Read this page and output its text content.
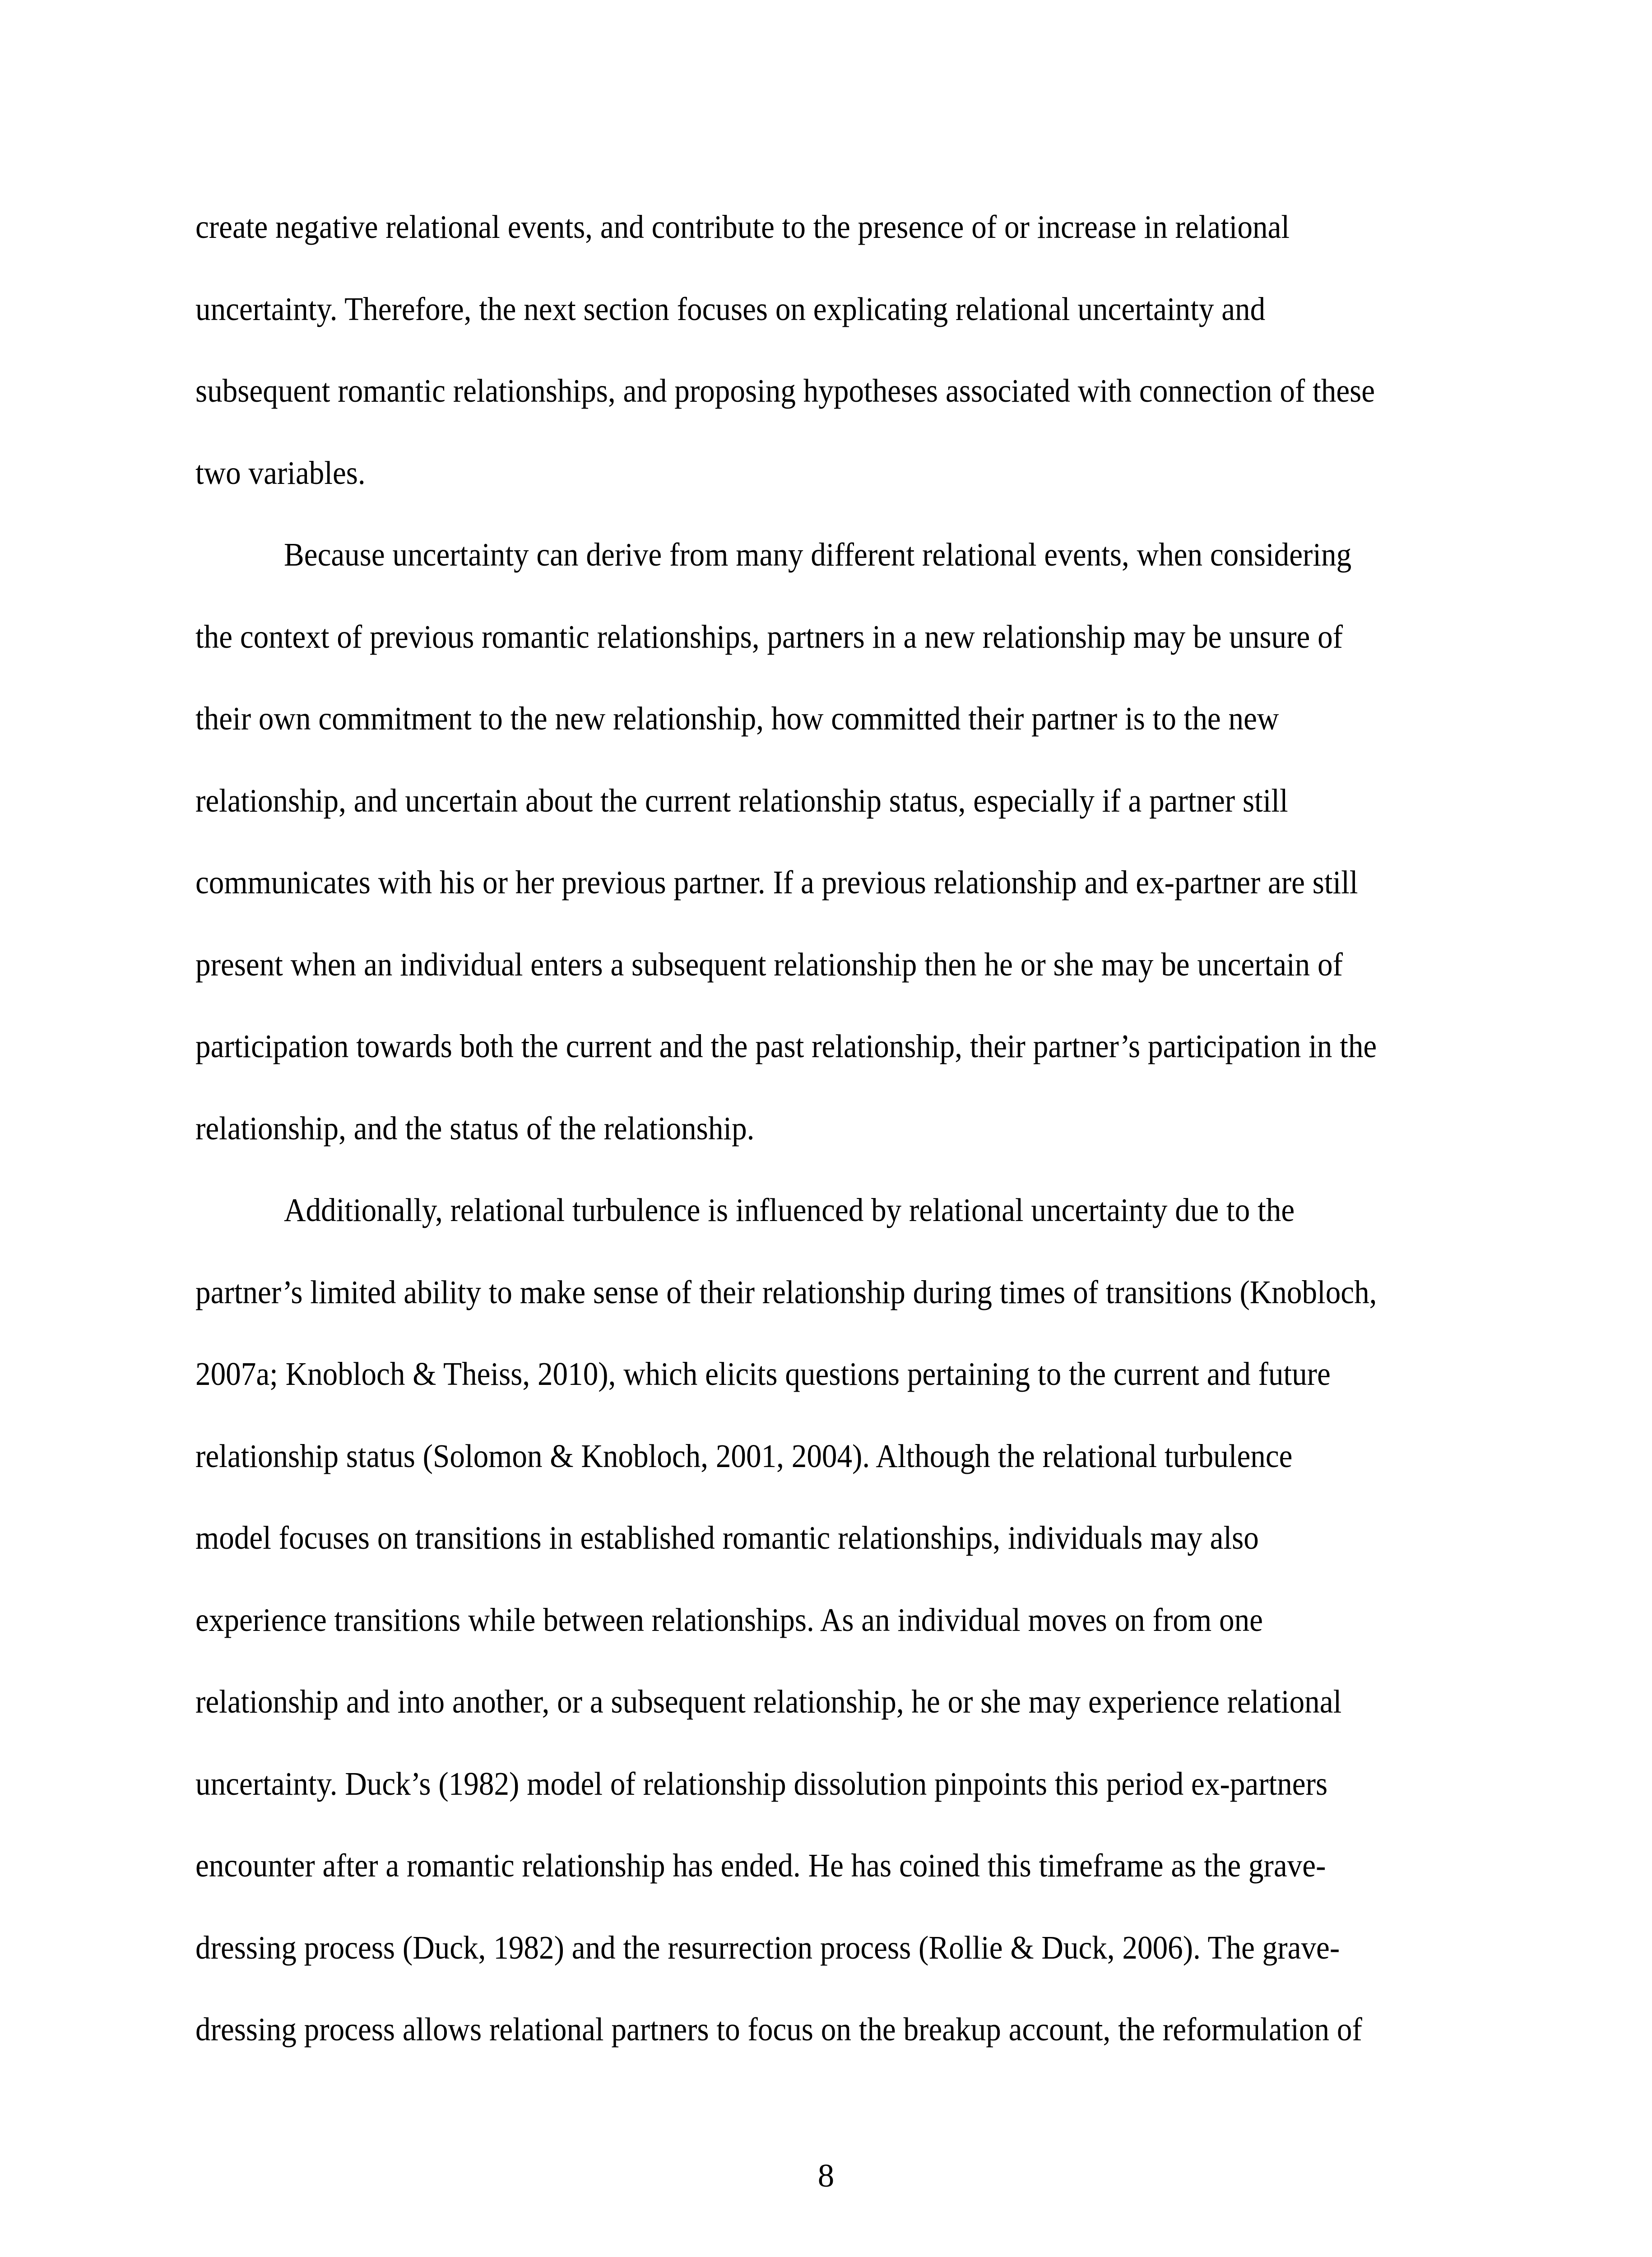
create negative relational events, and contribute to the presence of or increase in relational
uncertainty. Therefore, the next section focuses on explicating relational uncertainty and
subsequent romantic relationships, and proposing hypotheses associated with connection of these
two variables.
Because uncertainty can derive from many different relational events, when considering
the context of previous romantic relationships, partners in a new relationship may be unsure of
their own commitment to the new relationship, how committed their partner is to the new
relationship, and uncertain about the current relationship status, especially if a partner still
communicates with his or her previous partner. If a previous relationship and ex-partner are still
present when an individual enters a subsequent relationship then he or she may be uncertain of
participation towards both the current and the past relationship, their partner’s participation in the
relationship, and the status of the relationship.
Additionally, relational turbulence is influenced by relational uncertainty due to the
partner’s limited ability to make sense of their relationship during times of transitions (Knobloch,
2007a; Knobloch & Theiss, 2010), which elicits questions pertaining to the current and future
relationship status (Solomon & Knobloch, 2001, 2004). Although the relational turbulence
model focuses on transitions in established romantic relationships, individuals may also
experience transitions while between relationships. As an individual moves on from one
relationship and into another, or a subsequent relationship, he or she may experience relational
uncertainty. Duck’s (1982) model of relationship dissolution pinpoints this period ex-partners
encounter after a romantic relationship has ended. He has coined this timeframe as the grave-
dressing process (Duck, 1982) and the resurrection process (Rollie & Duck, 2006). The grave-
dressing process allows relational partners to focus on the breakup account, the reformulation of
8
